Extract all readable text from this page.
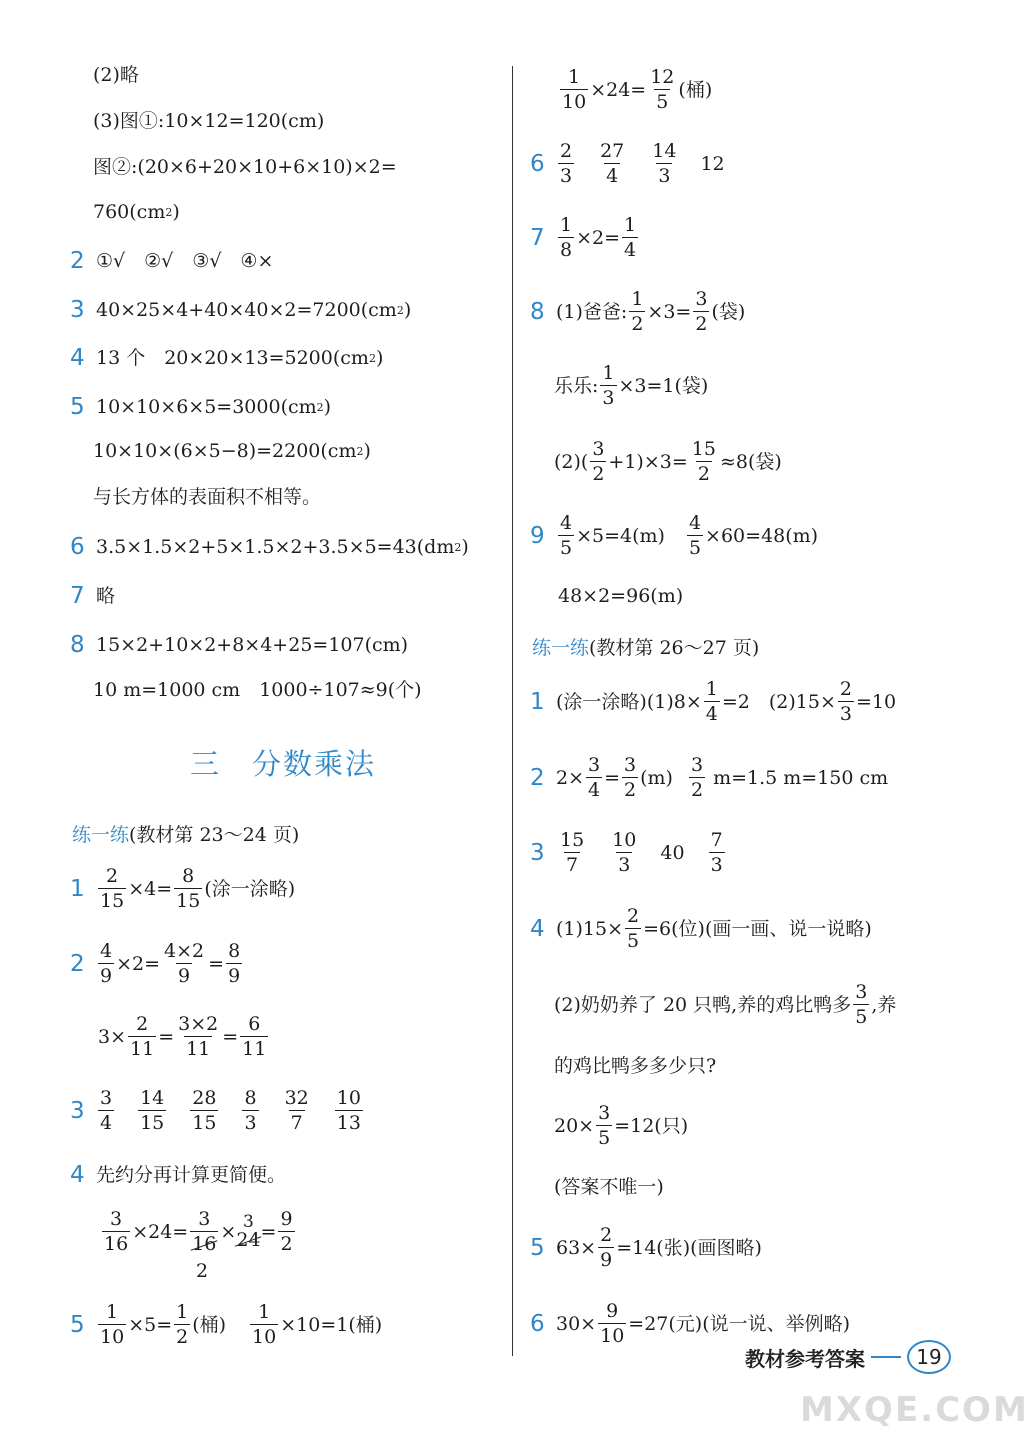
(2)略
(3)图①:10×12=120(cm)
图②:(20×6+20×10+6×10)×2=
760(cm 2 )
2 ①√　②√　③√　④×
3 40×25×4+40×40×2=7200(cm 2 )
4 13 个　20×20×13=5200(cm 2 )
5 10×10×6×5=3000(cm 2 )
10×10×(6×5−8)=2200(cm 2 )
与长方体的表面积不相等。
6 3.5×1.5×2+5×1.5×2+3.5×5=43(dm 2 )
7 略
8 15×2+10×2+8×4+25=107(cm)
10 m=1000 cm　1000÷107≈9(个)
三　分数乘法
练一练(教材第 23～24 页)
$1 \frac{2}{15} \times 4= \frac{8}{15}$ (涂一涂略)
$2 \frac{4}{9} \times 2= \frac{4\times 2}{9} = \frac{8}{9}$
$3\times \frac{2}{11} = \frac{3\times 2}{11} = \frac{6}{11}$
$3 \frac{3}{4} \frac{14}{15} \frac{28}{15} \frac{8}{3} \frac{32}{7} \frac{10}{13}$
4 先约分再计算更简便。
$\frac{3}{16} \times 24= \frac{3}{16} \times 3$
$24 = \frac{9}{2}$
2
$5 \frac{1}{10} \times 5= \frac{1}{2}$ (桶) $\frac{1}{10} \times 10=1$(桶)
$\frac{1}{10} \times 24= \frac{12}{5}$ (桶)
$6 \frac{2}{3} \frac{27}{4} \frac{14}{3} 12$
$7 \frac{1}{8} \times 2= \frac{1}{4}$
8 (1)爸爸: $\frac{1}{2} \times 3= \frac{3}{2}$ (袋)
乐乐: $\frac{1}{3} \times 3=1$(袋)
$(2)( \frac{3}{2} +1)\times 3= \frac{15}{2} \approx 8$(袋)
$9 \frac{4}{5} \times 5=4(m) \frac{4}{5} \times 60=48(m)$
48×2=96(m)
练一练(教材第 26～27 页)
1 (涂一涂略)$(1)8\times \frac{1}{4} =2$　$(2)15\times \frac{2}{3} =10$
2 $2\times \frac{3}{4} = \frac{3}{2} (m) \frac{3}{2} m=1.5$ m=150 cm
$3 \frac{15}{7} \frac{10}{3} 40 \frac{7}{3}$
4 $(1)15\times \frac{2}{5} =6$(位)(画一画、说一说略)
(2)奶奶养了 20 只鸭,养的鸡比鸭多 $\frac{3}{5}$ ,养
的鸡比鸭多多少只?
$20\times \frac{3}{5} =12$(只)
(答案不唯一)
5 $63\times \frac{2}{9} =14$(张)(画图略)
6 $30\times \frac{9}{10} =27$(元)(说一说、举例略)
教材参考答案	19
MXQE.COM
